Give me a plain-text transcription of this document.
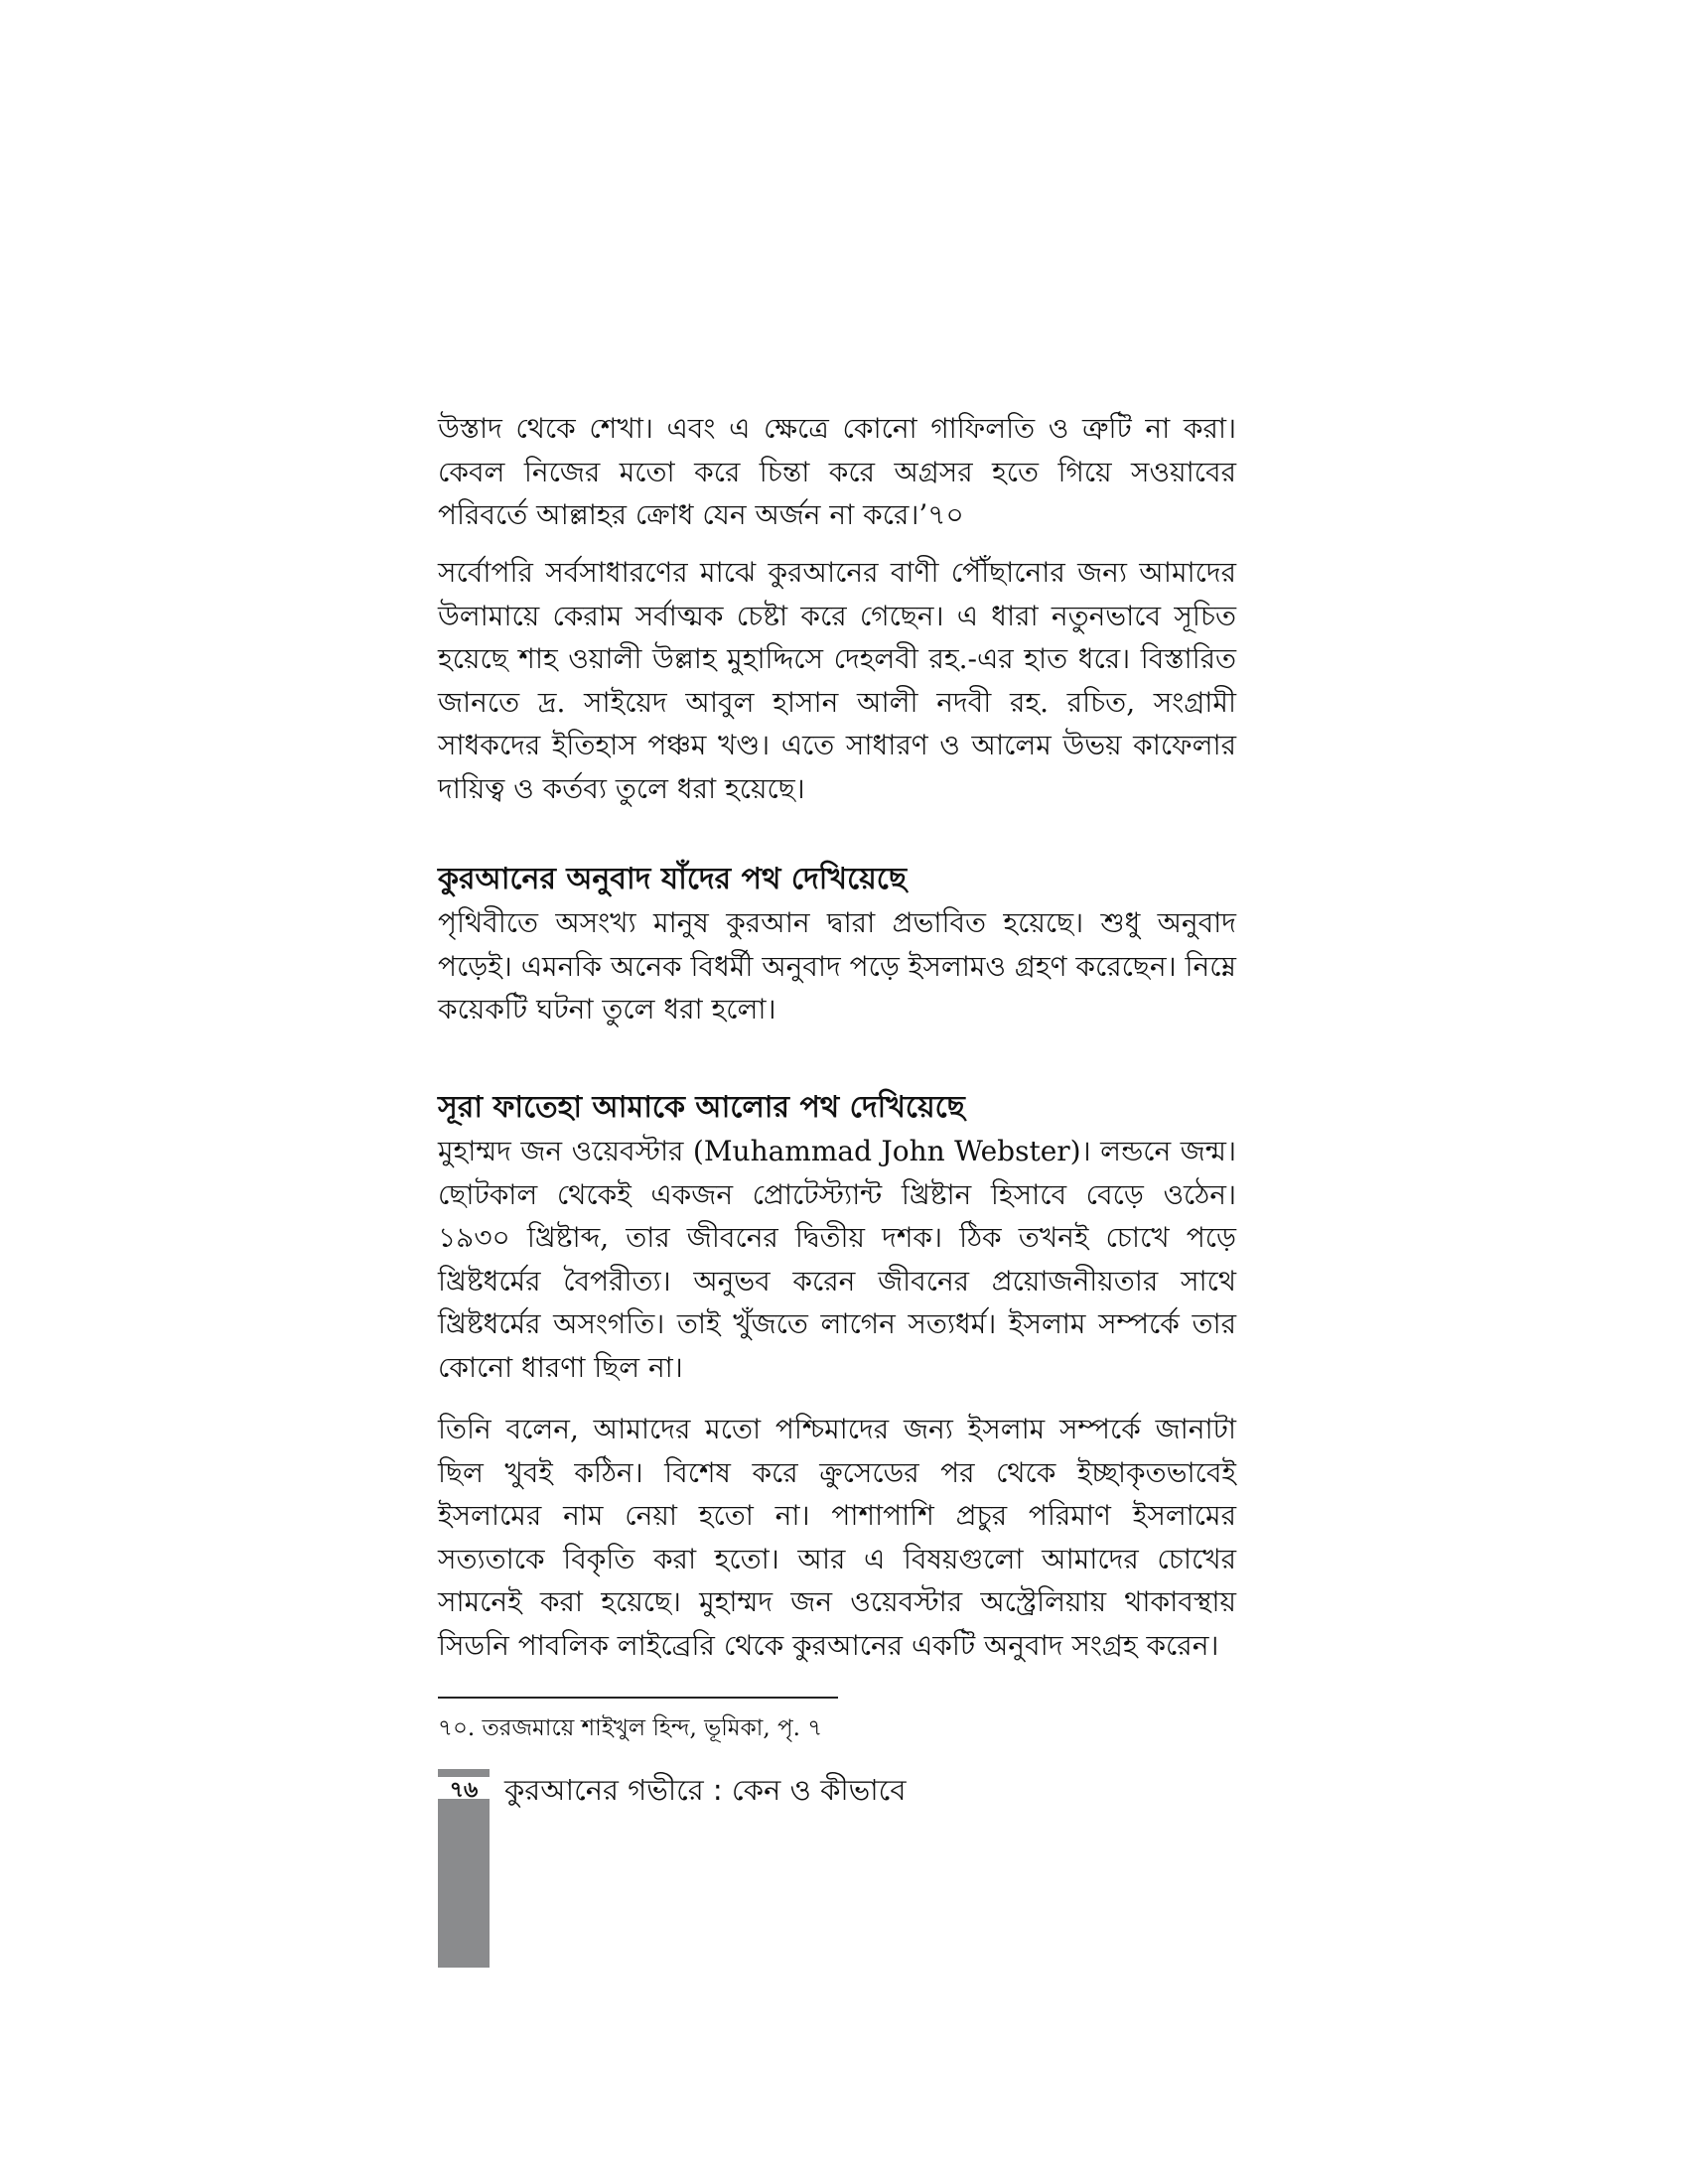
উস্তাদ থেকে শেখা। এবং এ ক্ষেত্রে কোনো গাফিলতি ও ত্রুটি না করা। কেবল নিজের মতো করে চিন্তা করে অগ্রসর হতে গিয়ে সওয়াবের পরিবর্তে আল্লাহর ক্রোধ যেন অর্জন না করে।’৭০

সর্বোপরি সর্বসাধারণের মাঝে কুরআনের বাণী পৌঁছানোর জন্য আমাদের উলামায়ে কেরাম সর্বাত্মক চেষ্টা করে গেছেন। এ ধারা নতুনভাবে সূচিত হয়েছে শাহ ওয়ালী উল্লাহ মুহাদ্দিসে দেহলবী রহ.-এর হাত ধরে। বিস্তারিত জানতে দ্র. সাইয়েদ আবুল হাসান আলী নদবী রহ. রচিত, সংগ্রামী সাধকদের ইতিহাস পঞ্চম খণ্ড। এতে সাধারণ ও আলেম উভয় কাফেলার দায়িত্ব ও কর্তব্য তুলে ধরা হয়েছে।

কুরআনের অনুবাদ যাঁদের পথ দেখিয়েছে

পৃথিবীতে অসংখ্য মানুষ কুরআন দ্বারা প্রভাবিত হয়েছে। শুধু অনুবাদ পড়েই। এমনকি অনেক বিধর্মী অনুবাদ পড়ে ইসলামও গ্রহণ করেছেন। নিম্নে কয়েকটি ঘটনা তুলে ধরা হলো।

সূরা ফাতেহা আমাকে আলোর পথ দেখিয়েছে

মুহাম্মদ জন ওয়েবস্টার (Muhammad John Webster)। লন্ডনে জন্ম। ছোটকাল থেকেই একজন প্রোটেস্ট্যান্ট খ্রিষ্টান হিসাবে বেড়ে ওঠেন। ১৯৩০ খ্রিষ্টাব্দ, তার জীবনের দ্বিতীয় দশক। ঠিক তখনই চোখে পড়ে খ্রিষ্টধর্মের বৈপরীত্য। অনুভব করেন জীবনের প্রয়োজনীয়তার সাথে খ্রিষ্টধর্মের অসংগতি। তাই খুঁজতে লাগেন সত্যধর্ম। ইসলাম সম্পর্কে তার কোনো ধারণা ছিল না।

তিনি বলেন, আমাদের মতো পশ্চিমাদের জন্য ইসলাম সম্পর্কে জানাটা ছিল খুবই কঠিন। বিশেষ করে ক্রুসেডের পর থেকে ইচ্ছাকৃতভাবেই ইসলামের নাম নেয়া হতো না। পাশাপাশি প্রচুর পরিমাণ ইসলামের সত্যতাকে বিকৃতি করা হতো। আর এ বিষয়গুলো আমাদের চোখের সামনেই করা হয়েছে। মুহাম্মদ জন ওয়েবস্টার অস্ট্রেলিয়ায় থাকাবস্থায় সিডনি পাবলিক লাইব্রেরি থেকে কুরআনের একটি অনুবাদ সংগ্রহ করেন।

৭০. তরজমায়ে শাইখুল হিন্দ, ভূমিকা, পৃ. ৭

৭৬ কুরআনের গভীরে : কেন ও কীভাবে
